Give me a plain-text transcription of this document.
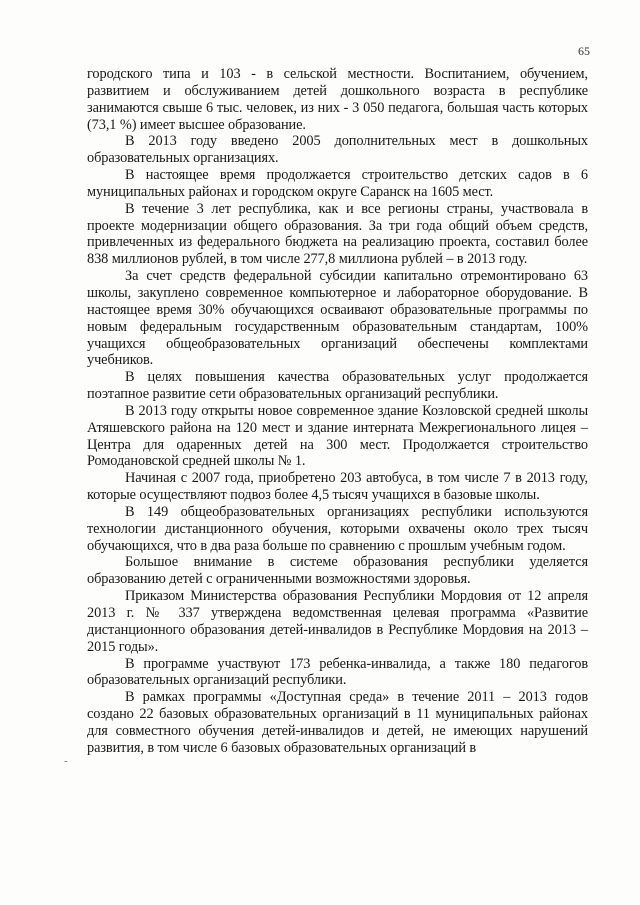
65

городского типа и 103 - в сельской местности. Воспитанием, обучением, развитием и обслуживанием детей дошкольного возраста в республике занимаются свыше 6 тыс. человек, из них - 3 050 педагога, большая часть которых (73,1 %) имеет высшее образование.

В 2013 году введено 2005 дополнительных мест в дошкольных образовательных организациях.

В настоящее время продолжается строительство детских садов в 6 муниципальных районах и городском округе Саранск на 1605 мест.

В течение 3 лет республика, как и все регионы страны, участвовала в проекте модернизации общего образования. За три года общий объем средств, привлеченных из федерального бюджета на реализацию проекта, составил более 838 миллионов рублей, в том числе 277,8 миллиона рублей – в 2013 году.

За счет средств федеральной субсидии капитально отремонтировано 63 школы, закуплено современное компьютерное и лабораторное оборудование. В настоящее время 30% обучающихся осваивают образовательные программы по новым федеральным государственным образовательным стандартам, 100% учащихся общеобразовательных организаций обеспечены комплектами учебников.

В целях повышения качества образовательных услуг продолжается поэтапное развитие сети образовательных организаций республики.

В 2013 году открыты новое современное здание Козловской средней школы Атяшевского района на 120 мест и здание интерната Межрегионального лицея – Центра для одаренных детей на 300 мест. Продолжается строительство Ромодановской средней школы № 1.

Начиная с 2007 года, приобретено 203 автобуса, в том числе 7 в 2013 году, которые осуществляют подвоз более 4,5 тысяч учащихся в базовые школы.

В 149 общеобразовательных организациях республики используются технологии дистанционного обучения, которыми охвачены около трех тысяч обучающихся, что в два раза больше по сравнению с прошлым учебным годом.

Большое внимание в системе образования республики уделяется образованию детей с ограниченными возможностями здоровья.

Приказом Министерства образования Республики Мордовия от 12 апреля 2013 г. № 337 утверждена ведомственная целевая программа «Развитие дистанционного образования детей-инвалидов в Республике Мордовия на 2013 – 2015 годы».

В программе участвуют 173 ребенка-инвалида, а также 180 педагогов образовательных организаций республики.

В рамках программы «Доступная среда» в течение 2011 – 2013 годов создано 22 базовых образовательных организаций в 11 муниципальных районах для совместного обучения детей-инвалидов и детей, не имеющих нарушений развития, в том числе 6 базовых образовательных организаций в

-
